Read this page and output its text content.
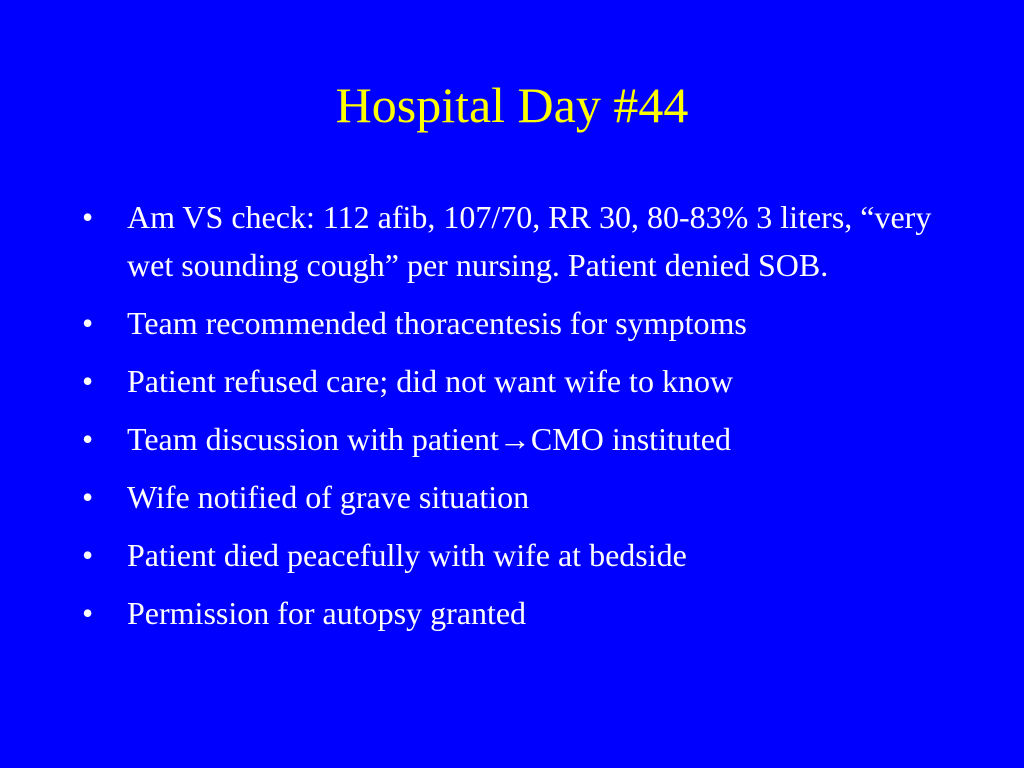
Hospital Day #44
•	Am VS check: 112 afib, 107/70, RR 30, 80-83% 3 liters, “very wet sounding cough” per nursing. Patient denied SOB.
•	Team recommended thoracentesis for symptoms
•	Patient refused care; did not want wife to know
•	Team discussion with patient→CMO instituted
•	Wife notified of grave situation
•	Patient died peacefully with wife at bedside
•	Permission for autopsy granted
